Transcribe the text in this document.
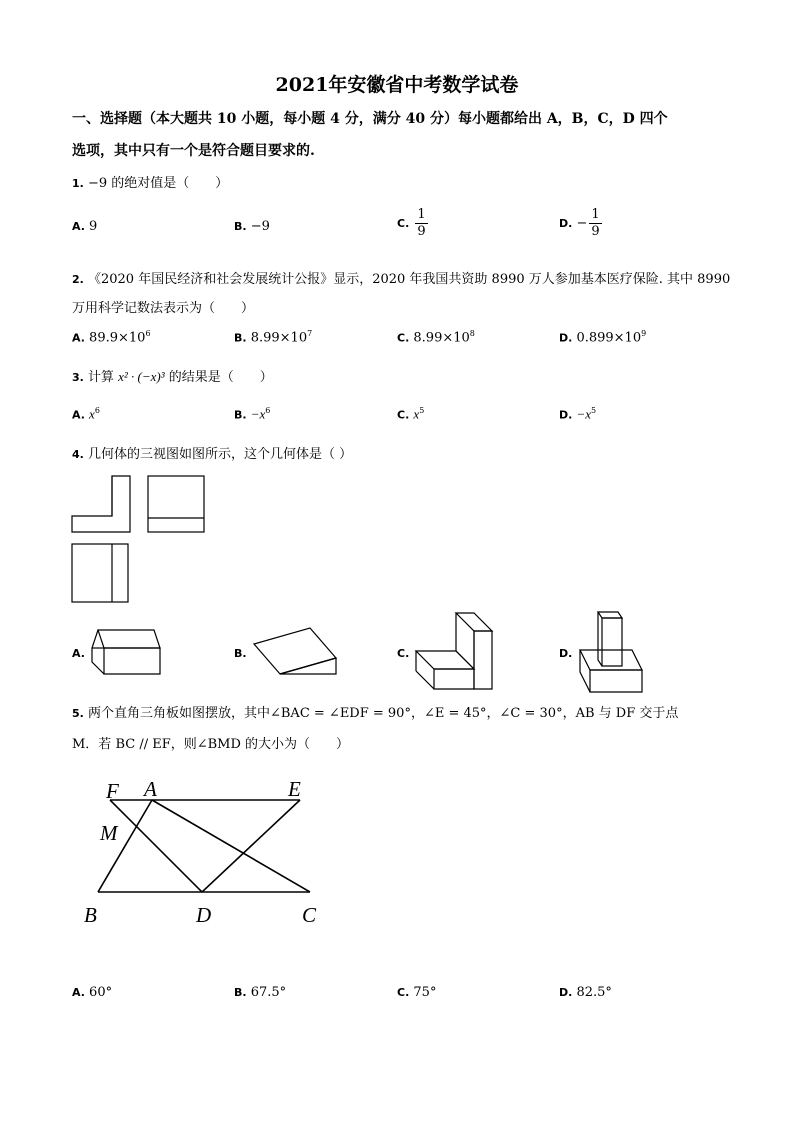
2021年安徽省中考数学试卷
一、选择题（本大题共 10 小题，每小题 4 分，满分 40 分）每小题都给出 A，B，C，D 四个
选项，其中只有一个是符合题目要求的.
1. −9 的绝对值是（　　）
A. 9	B. −9	C. $\frac{1}{9}$	D. − $\frac{1}{9}$
2. 《2020 年国民经济和社会发展统计公报》显示，2020 年我国共资助 8990 万人参加基本医疗保险. 其中 8990
万用科学记数法表示为（　　）
A. $89.9\times 10^6$	B. $8.99\times 10^7$	C. $8.99\times 10^8$	D. $0.899\times 10^9$
3. 计算 x² · (−x)³ 的结果是（　　）
A. $x^6$	B. $-x^6$	C. $x^5$	D. $-x^5$
4. 几何体的三视图如图所示，这个几何体是（ ）
A.	B.	C.	D.
5. 两个直角三角板如图摆放，其中∠BAC = ∠EDF = 90°，∠E = 45°，∠C = 30°，AB 与 DF 交于点
M．若 BC // EF，则∠BMD 的大小为（　　）
F A	E
M
B	D	C
A. 60°	B. 67.5°	C. 75°	D. 82.5°
